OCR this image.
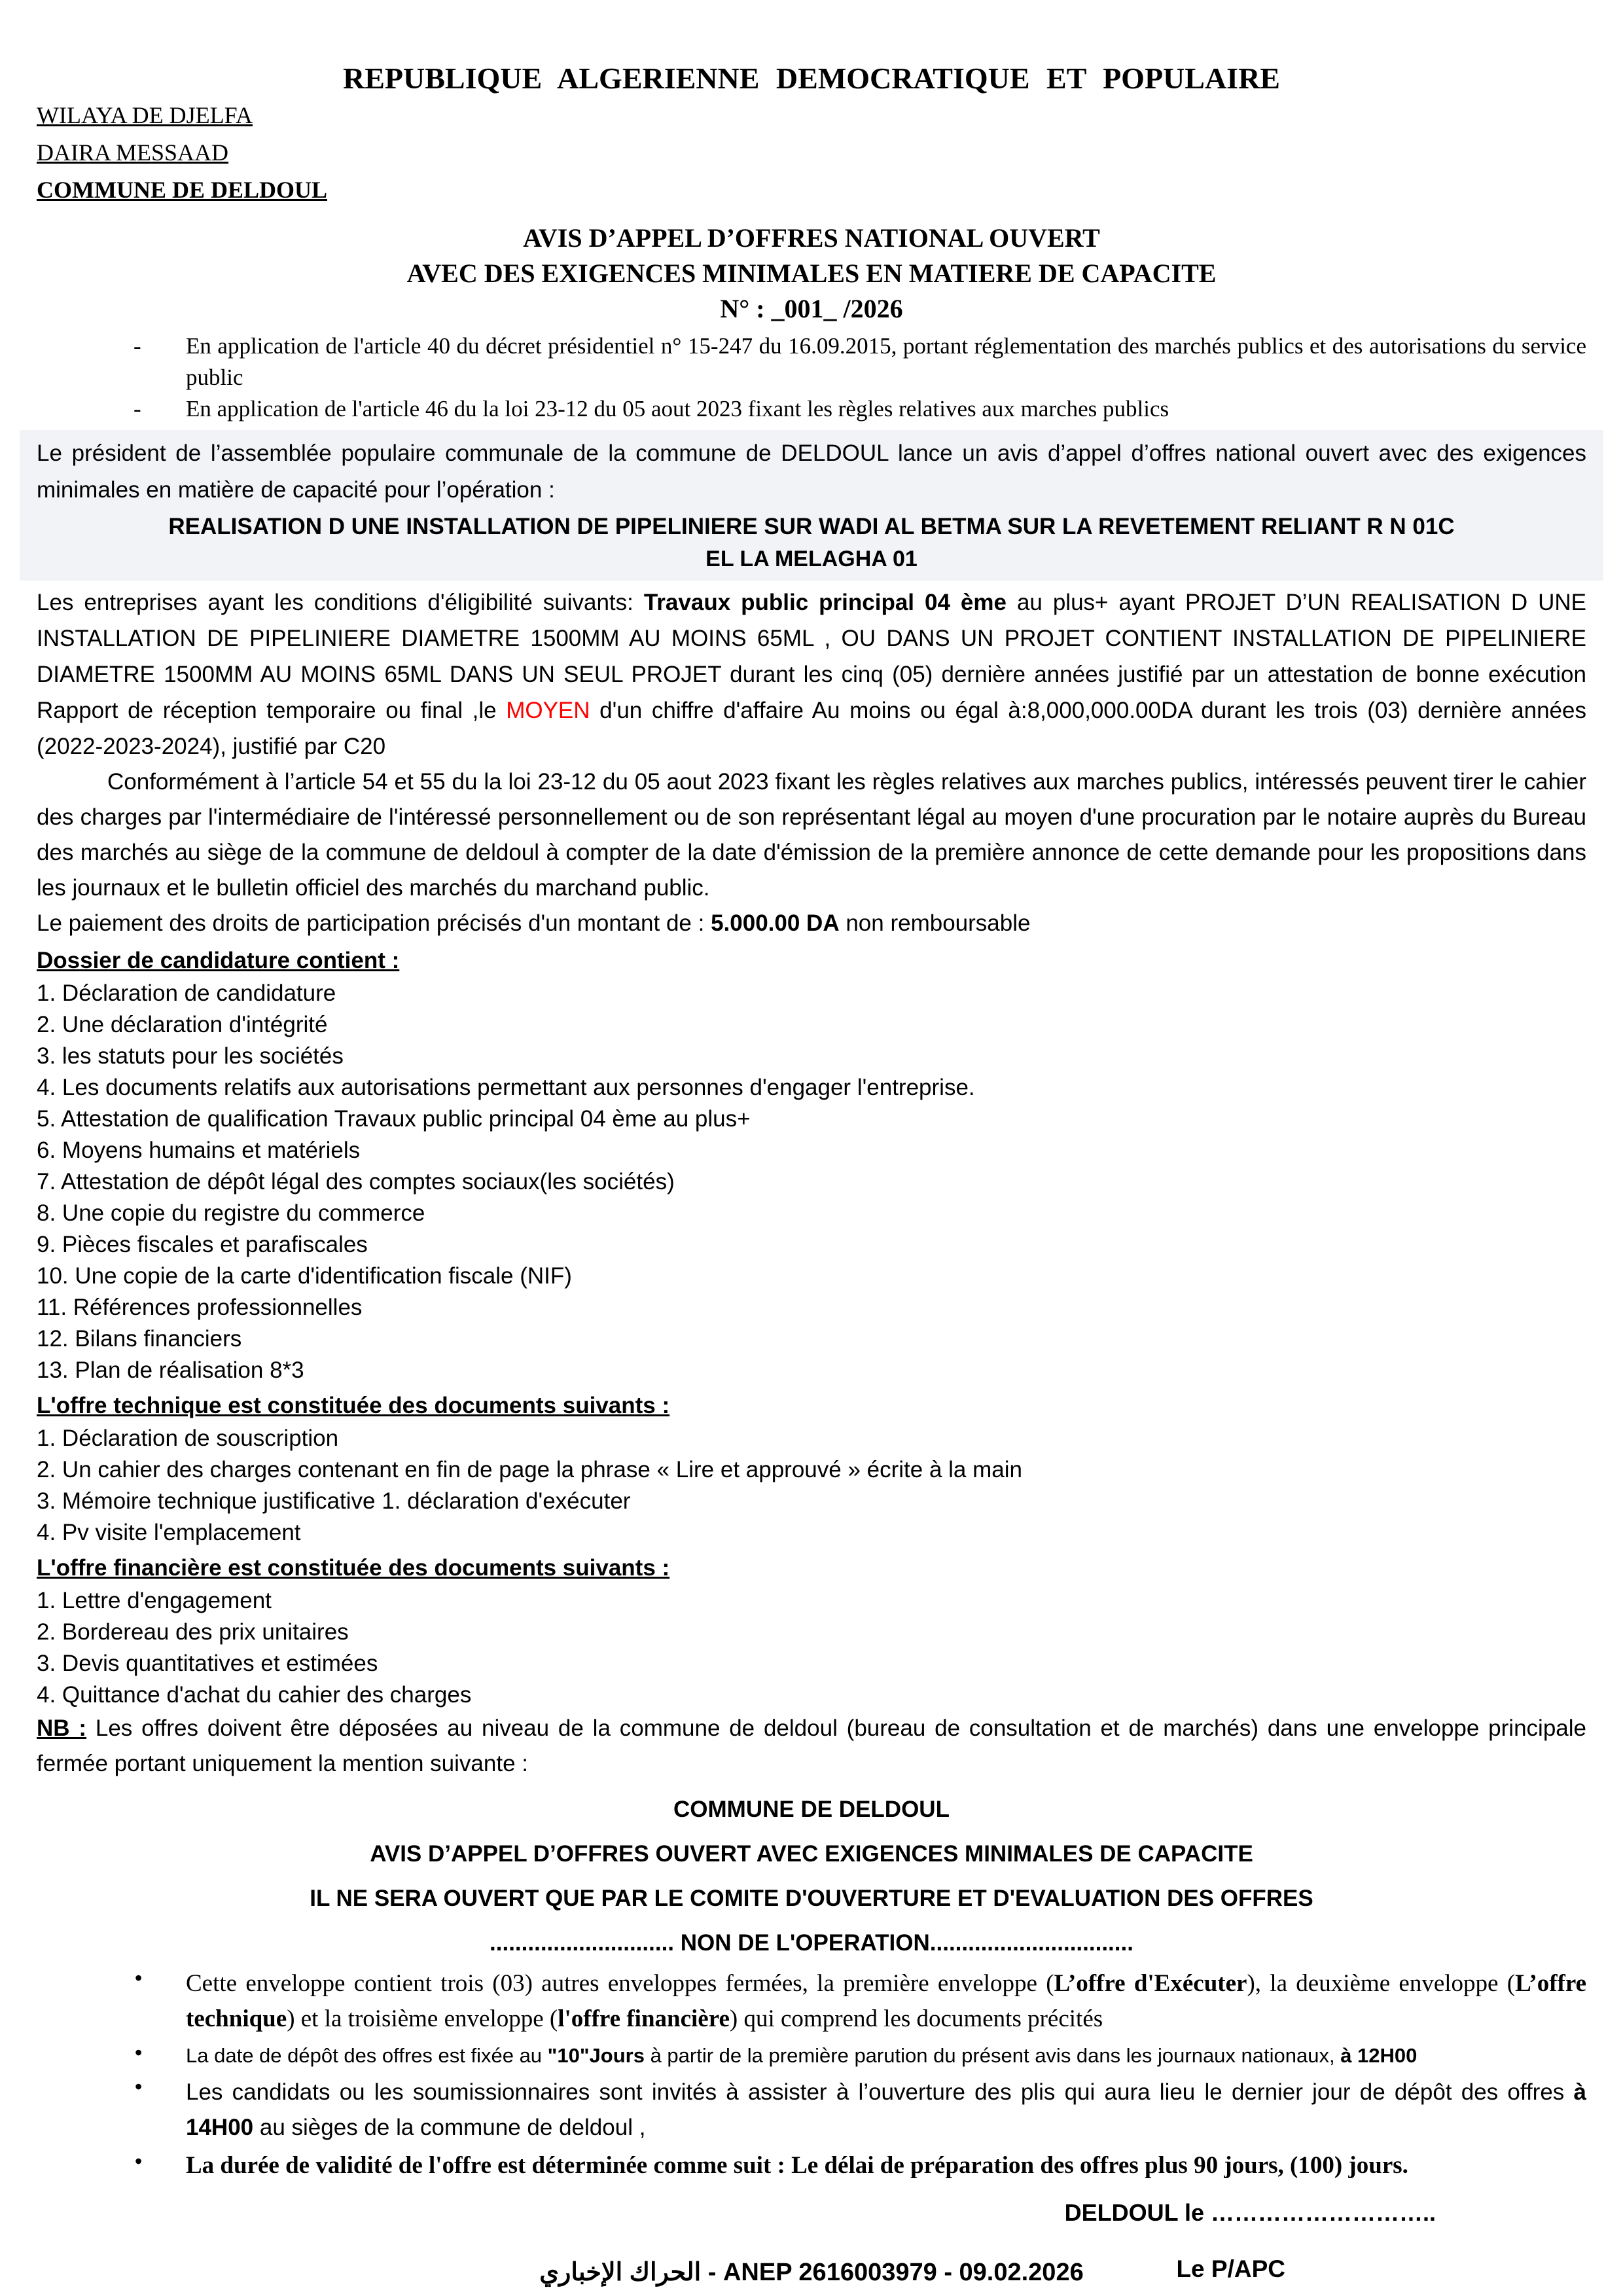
REPUBLIQUE ALGERIENNE DEMOCRATIQUE ET POPULAIRE
WILAYA DE DJELFA
DAIRA MESSAAD
COMMUNE DE DELDOUL
AVIS D’APPEL D’OFFRES NATIONAL OUVERT
AVEC DES EXIGENCES MINIMALES EN MATIERE DE CAPACITE
N° : _001_ /2026
-	En application de l'article 40 du décret présidentiel n° 15-247 du 16.09.2015, portant réglementation des marchés publics et des autorisations du service public

-	En application de l'article 46 du la loi 23-12 du 05 aout 2023 fixant les règles relatives aux marches publics

Le président de l’assemblée populaire communale de la commune de DELDOUL lance un avis d’appel d’offres national ouvert avec des exigences minimales en matière de capacité pour l’opération :

REALISATION D UNE INSTALLATION DE PIPELINIERE SUR WADI AL BETMA SUR LA REVETEMENT RELIANT R N 01C
EL LA MELAGHA 01

Les entreprises ayant les conditions d'éligibilité suivants: Travaux public principal 04 ème au plus+ ayant PROJET D’UN REALISATION D UNE INSTALLATION DE PIPELINIERE DIAMETRE 1500MM AU MOINS 65ML , OU DANS UN PROJET CONTIENT INSTALLATION DE PIPELINIERE DIAMETRE 1500MM AU MOINS 65ML DANS UN SEUL PROJET durant les cinq (05) dernière années justifié par un attestation de bonne exécution Rapport de réception temporaire ou final ,le MOYEN d'un chiffre d'affaire Au moins ou égal à:8,000,000.00DA durant les trois (03) dernière années (2022-2023-2024), justifié par C20

Conformément à l’article 54 et 55 du la loi 23-12 du 05 aout 2023 fixant les règles relatives aux marches publics, intéressés peuvent tirer le cahier des charges par l'intermédiaire de l'intéressé personnellement ou de son représentant légal au moyen d'une procuration par le notaire auprès du Bureau des marchés au siège de la commune de deldoul à compter de la date d'émission de la première annonce de cette demande pour les propositions dans les journaux et le bulletin officiel des marchés du marchand public.

Le paiement des droits de participation précisés d'un montant de : 5.000.00 DA non remboursable

Dossier de candidature contient :
1. Déclaration de candidature
2. Une déclaration d'intégrité
3. les statuts pour les sociétés
4. Les documents relatifs aux autorisations permettant aux personnes d'engager l'entreprise.
5. Attestation de qualification Travaux public principal 04 ème au plus+
6. Moyens humains et matériels
7. Attestation de dépôt légal des comptes sociaux(les sociétés)
8. Une copie du registre du commerce
9. Pièces fiscales et parafiscales
10. Une copie de la carte d'identification fiscale (NIF)
11. Références professionnelles
12. Bilans financiers
13. Plan de réalisation 8*3
L'offre technique est constituée des documents suivants :
1. Déclaration de souscription
2. Un cahier des charges contenant en fin de page la phrase « Lire et approuvé » écrite à la main
3. Mémoire technique justificative 1. déclaration d'exécuter
4. Pv visite l'emplacement
L'offre financière est constituée des documents suivants :
1. Lettre d'engagement
2. Bordereau des prix unitaires
3. Devis quantitatives et estimées
4. Quittance d'achat du cahier des charges

NB : Les offres doivent être déposées au niveau de la commune de deldoul (bureau de consultation et de marchés) dans une enveloppe principale fermée portant uniquement la mention suivante :

COMMUNE DE DELDOUL
AVIS D’APPEL D’OFFRES OUVERT AVEC EXIGENCES MINIMALES DE CAPACITE
IL NE SERA OUVERT QUE PAR LE COMITE D'OUVERTURE ET D'EVALUATION DES OFFRES
............................. NON DE L'OPERATION................................
•	Cette enveloppe contient trois (03) autres enveloppes fermées, la première enveloppe (L’offre d'Exécuter), la deuxième enveloppe (L’offre technique) et la troisième enveloppe (l'offre financière) qui comprend les documents précités

•	La date de dépôt des offres est fixée au "10"Jours à partir de la première parution du présent avis dans les journaux nationaux, à 12H00

•	Les candidats ou les soumissionnaires sont invités à assister à l’ouverture des plis qui aura lieu le dernier jour de dépôt des offres à 14H00 au sièges de la commune de deldoul ,

•	La durée de validité de l'offre est déterminée comme suit : Le délai de préparation des offres plus 90 jours, (100) jours.

DELDOUL le ………………………..
Le P/APC
الحراك الإخباري - ANEP 2616003979 - 09.02.2026
